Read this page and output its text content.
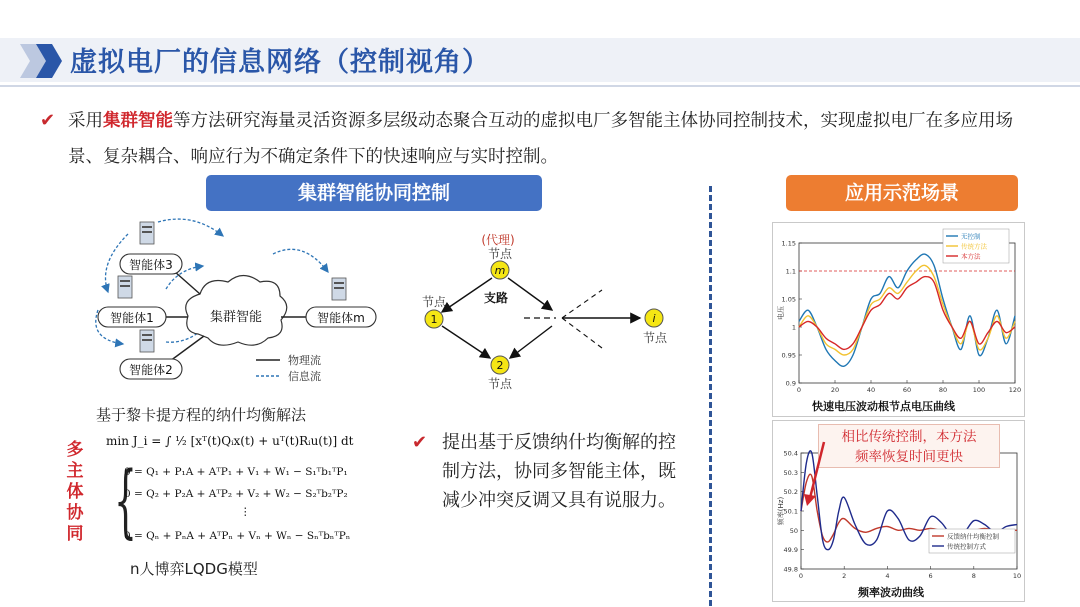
虚拟电厂的信息网络（控制视角）
✔ 采用集群智能等方法研究海量灵活资源多层级动态聚合互动的虚拟电厂多智能主体协同控制技术，实现虚拟电厂在多应用场景、复杂耦合、响应行为不确定条件下的快速响应与实时控制。
集群智能协同控制	应用示范场景
集群智能
智能体3
智能体1
智能体2
智能体m
物理流
信息流
基于黎卡提方程的纳什均衡解法
多
主
体
协
同
min J_i = ∫ ½ [xᵀ(t)Qᵢx(t) + uᵀ(t)Rᵢu(t)] dt
{
0 = Q₁ + P₁A + AᵀP₁ + V₁ + W₁ − S₁ᵀb₁ᵀP₁
0 = Q₂ + P₂A + AᵀP₂ + V₂ + W₂ − S₂ᵀb₂ᵀP₂
⋮
0 = Qₙ + PₙA + AᵀPₙ + Vₙ + Wₙ − SₙᵀbₙᵀPₙ
n人博弈LQDG模型
(代理)
节点
节点
节点
节点
支路
m
1
2
i
✔ 提出基于反馈纳什均衡解的控制方法，协同多智能主体，既减少冲突反调又具有说服力。
0.9
0.95
1
1.05
1.1
1.15
0	20	40	60	80	100	120
电压
无控制
传统方法
本方法
快速电压波动根节点电压曲线
49.8
49.9
50
50.1
50.2
50.3
50.4
0	2	4	6	8	10
频率(Hz)
反馈纳什均衡控制
传统控制方式
频率波动曲线
相比传统控制，本方法
频率恢复时间更快
